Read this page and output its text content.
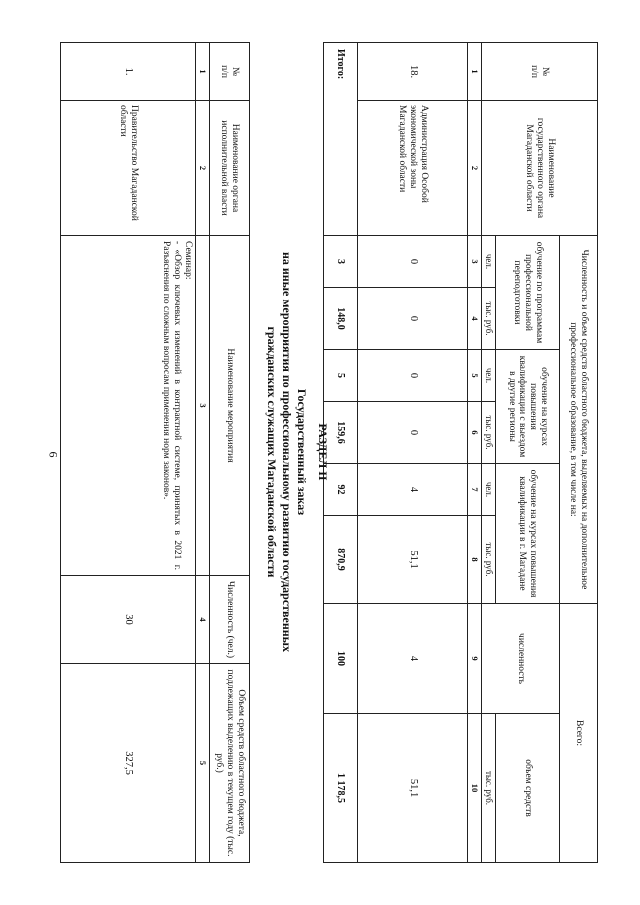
6
№
п/п	Наименование государственного органа Магаданской области	Численность и объем средств областного бюджета, выделяемых на дополнительное профессиональное образование, в том числе на:						Всего:	
		обучение по программам профессиональной переподготовки		обучение на курсах повышения квалификации с выездом в другие регионы		обучение на курсах повышения квалификации в г. Магадане		численность	объем средств
		чел.	тыс. руб.	чел.	тыс. руб.	чел.	тыс. руб.		тыс. руб.
1	2	3	4	5	6	7	8	9	10
18.	Администрация Особой экономической зоны Магаданской области	0	0	0	0	4	51,1	4	51,1
Итого:		3	148,0	5	159,6	92	870,9	100	1 178,5
РАЗДЕЛ II
Государственный заказ
на иные мероприятия по профессиональному развитию государственных
гражданских служащих Магаданской области
№
п/п	Наименование органа исполнительной власти	Наименование мероприятия	Численность (чел.)	Объем средств областного бюджета, подлежащих выделению в текущем году (тыс. руб.)
1	2	3	4	5
1.	Правительство Магаданской области	Семинар:
- «Обзор ключевых изменений в контрактной системе, принятых в 2021 г. Разъяснения по сложным вопросам применения норм законов».	30	327,5
